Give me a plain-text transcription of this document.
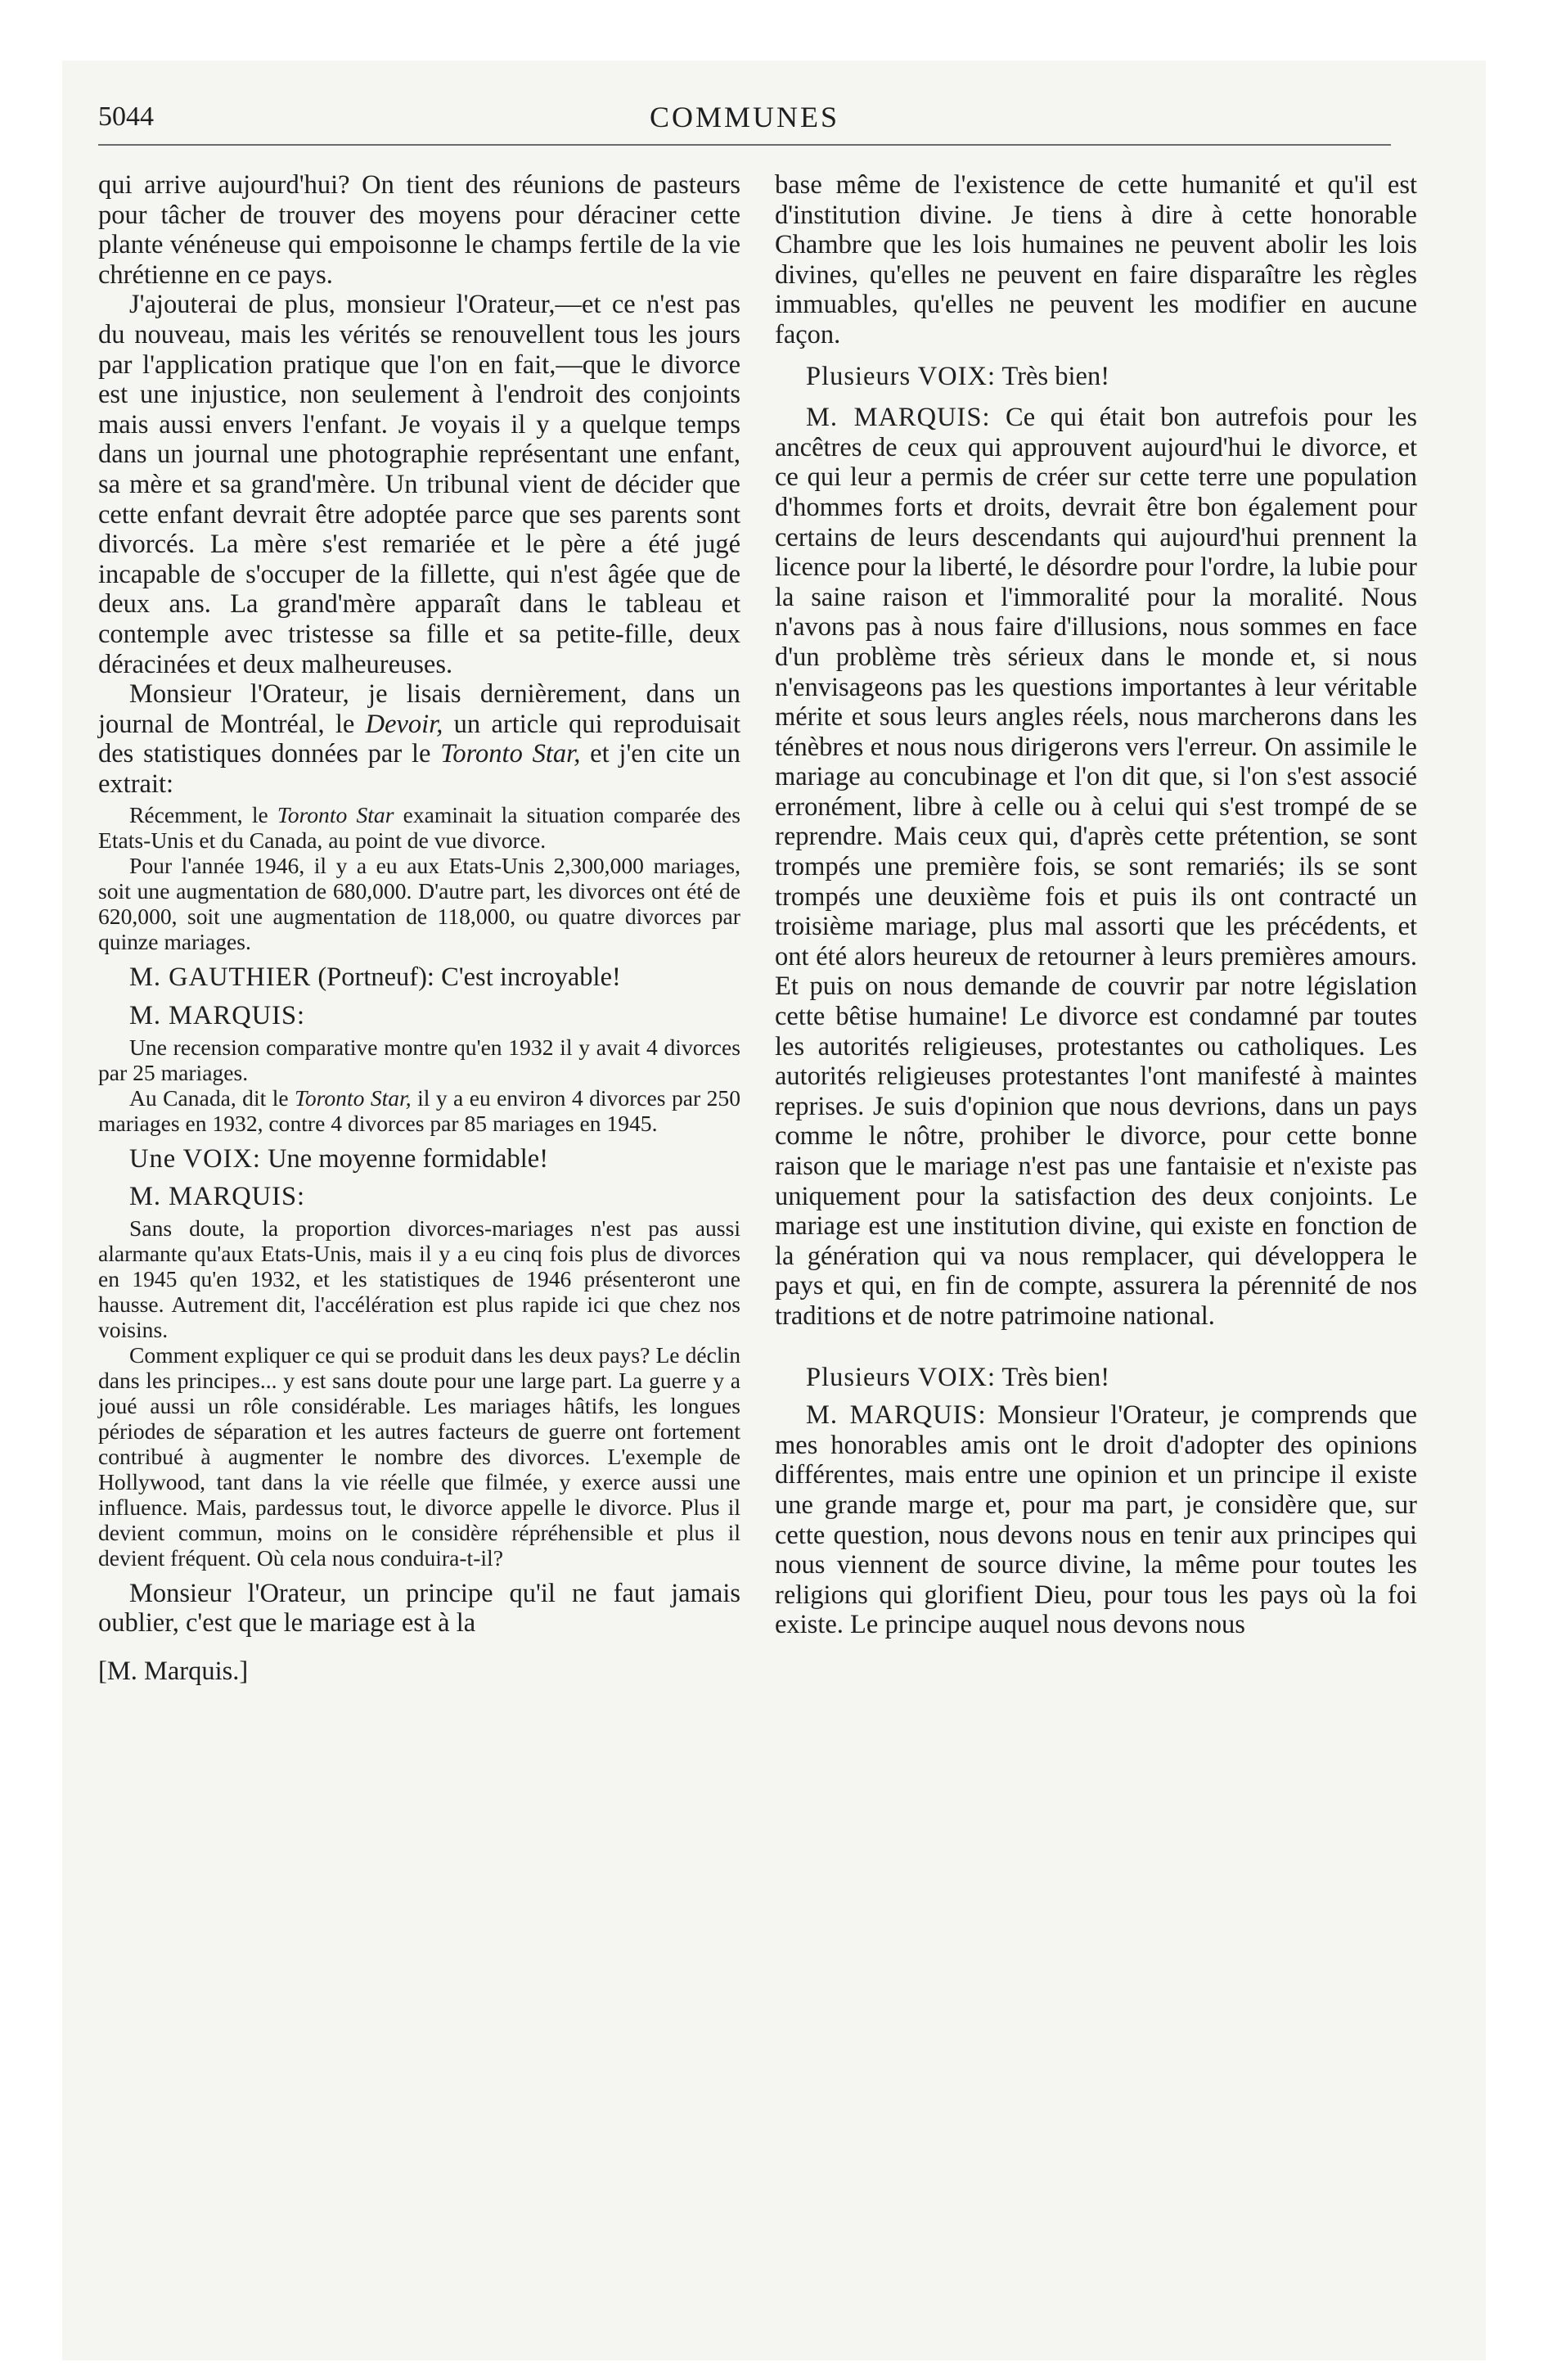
5044	COMMUNES

qui arrive aujourd'hui? On tient des réunions de pasteurs pour tâcher de trouver des moyens pour déraciner cette plante vénéneuse qui empoisonne le champs fertile de la vie chrétienne en ce pays.

J'ajouterai de plus, monsieur l'Orateur,—et ce n'est pas du nouveau, mais les vérités se renouvellent tous les jours par l'application pratique que l'on en fait,—que le divorce est une injustice, non seulement à l'endroit des conjoints mais aussi envers l'enfant. Je voyais il y a quelque temps dans un journal une photographie représentant une enfant, sa mère et sa grand'mère. Un tribunal vient de décider que cette enfant devrait être adoptée parce que ses parents sont divorcés. La mère s'est remariée et le père a été jugé incapable de s'occuper de la fillette, qui n'est âgée que de deux ans. La grand'mère apparaît dans le tableau et contemple avec tristesse sa fille et sa petite-fille, deux déracinées et deux malheureuses.

Monsieur l'Orateur, je lisais dernièrement, dans un journal de Montréal, le Devoir, un article qui reproduisait des statistiques données par le Toronto Star, et j'en cite un extrait:

Récemment, le Toronto Star examinait la situation comparée des Etats-Unis et du Canada, au point de vue divorce.

Pour l'année 1946, il y a eu aux Etats-Unis 2,300,000 mariages, soit une augmentation de 680,000. D'autre part, les divorces ont été de 620,000, soit une augmentation de 118,000, ou quatre divorces par quinze mariages.

M. GAUTHIER (Portneuf): C'est incroyable!

M. MARQUIS:

Une recension comparative montre qu'en 1932 il y avait 4 divorces par 25 mariages.

Au Canada, dit le Toronto Star, il y a eu environ 4 divorces par 250 mariages en 1932, contre 4 divorces par 85 mariages en 1945.

Une VOIX: Une moyenne formidable!

M. MARQUIS:

Sans doute, la proportion divorces-mariages n'est pas aussi alarmante qu'aux Etats-Unis, mais il y a eu cinq fois plus de divorces en 1945 qu'en 1932, et les statistiques de 1946 présenteront une hausse. Autrement dit, l'accélération est plus rapide ici que chez nos voisins.

Comment expliquer ce qui se produit dans les deux pays? Le déclin dans les principes... y est sans doute pour une large part. La guerre y a joué aussi un rôle considérable. Les mariages hâtifs, les longues périodes de séparation et les autres facteurs de guerre ont fortement contribué à augmenter le nombre des divorces. L'exemple de Hollywood, tant dans la vie réelle que filmée, y exerce aussi une influence. Mais, pardessus tout, le divorce appelle le divorce. Plus il devient commun, moins on le considère répréhensible et plus il devient fréquent. Où cela nous conduira-t-il?

Monsieur l'Orateur, un principe qu'il ne faut jamais oublier, c'est que le mariage est à la

[M. Marquis.]

base même de l'existence de cette humanité et qu'il est d'institution divine. Je tiens à dire à cette honorable Chambre que les lois humaines ne peuvent abolir les lois divines, qu'elles ne peuvent en faire disparaître les règles immuables, qu'elles ne peuvent les modifier en aucune façon.

Plusieurs VOIX: Très bien!

M. MARQUIS: Ce qui était bon autrefois pour les ancêtres de ceux qui approuvent aujourd'hui le divorce, et ce qui leur a permis de créer sur cette terre une population d'hommes forts et droits, devrait être bon également pour certains de leurs descendants qui aujourd'hui prennent la licence pour la liberté, le désordre pour l'ordre, la lubie pour la saine raison et l'immoralité pour la moralité. Nous n'avons pas à nous faire d'illusions, nous sommes en face d'un problème très sérieux dans le monde et, si nous n'envisageons pas les questions importantes à leur véritable mérite et sous leurs angles réels, nous marcherons dans les ténèbres et nous nous dirigerons vers l'erreur. On assimile le mariage au concubinage et l'on dit que, si l'on s'est associé erronément, libre à celle ou à celui qui s'est trompé de se reprendre. Mais ceux qui, d'après cette prétention, se sont trompés une première fois, se sont remariés; ils se sont trompés une deuxième fois et puis ils ont contracté un troisième mariage, plus mal assorti que les précédents, et ont été alors heureux de retourner à leurs premières amours. Et puis on nous demande de couvrir par notre législation cette bêtise humaine! Le divorce est condamné par toutes les autorités religieuses, protestantes ou catholiques. Les autorités religieuses protestantes l'ont manifesté à maintes reprises. Je suis d'opinion que nous devrions, dans un pays comme le nôtre, prohiber le divorce, pour cette bonne raison que le mariage n'est pas une fantaisie et n'existe pas uniquement pour la satisfaction des deux conjoints. Le mariage est une institution divine, qui existe en fonction de la génération qui va nous remplacer, qui développera le pays et qui, en fin de compte, assurera la pérennité de nos traditions et de notre patrimoine national.

Plusieurs VOIX: Très bien!

M. MARQUIS: Monsieur l'Orateur, je comprends que mes honorables amis ont le droit d'adopter des opinions différentes, mais entre une opinion et un principe il existe une grande marge et, pour ma part, je considère que, sur cette question, nous devons nous en tenir aux principes qui nous viennent de source divine, la même pour toutes les religions qui glorifient Dieu, pour tous les pays où la foi existe. Le principe auquel nous devons nous
